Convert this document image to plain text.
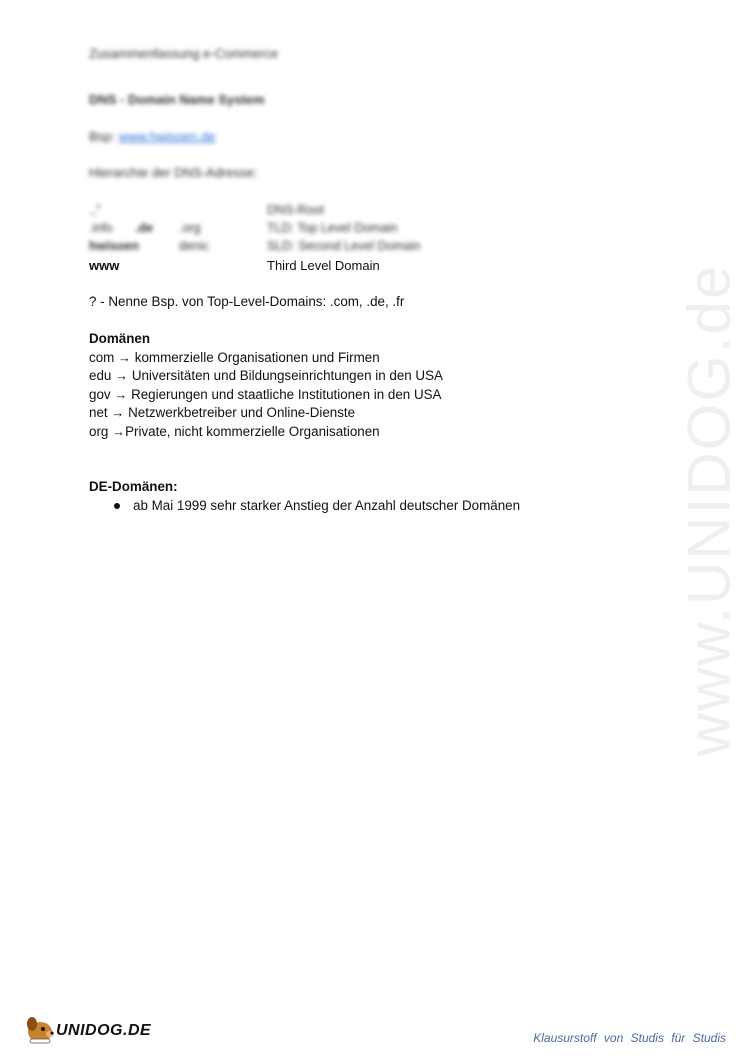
www.UNIDOG.de
Zusammenfassung e-Commerce
DNS - Domain Name System
Bsp: www.hwisoen.de
Hierarchie der DNS-Adresse:
.,"	DNS-Root
.info .de .org	TLD: Top Level Domain
hwisoen	denic	SLD: Second Level Domain
www	Third Level Domain
? - Nenne Bsp. von Top-Level-Domains: .com, .de, .fr
Domänen
com → kommerzielle Organisationen und Firmen
edu → Universitäten und Bildungseinrichtungen in den USA
gov → Regierungen und staatliche Institutionen in den USA
net → Netzwerkbetreiber und Online-Dienste
org →Private, nicht kommerzielle Organisationen
DE-Domänen:
ab Mai 1999 sehr starker Anstieg der Anzahl deutscher Domänen
UNIDOG.DE	Klausurstoff von Studis für Studis
